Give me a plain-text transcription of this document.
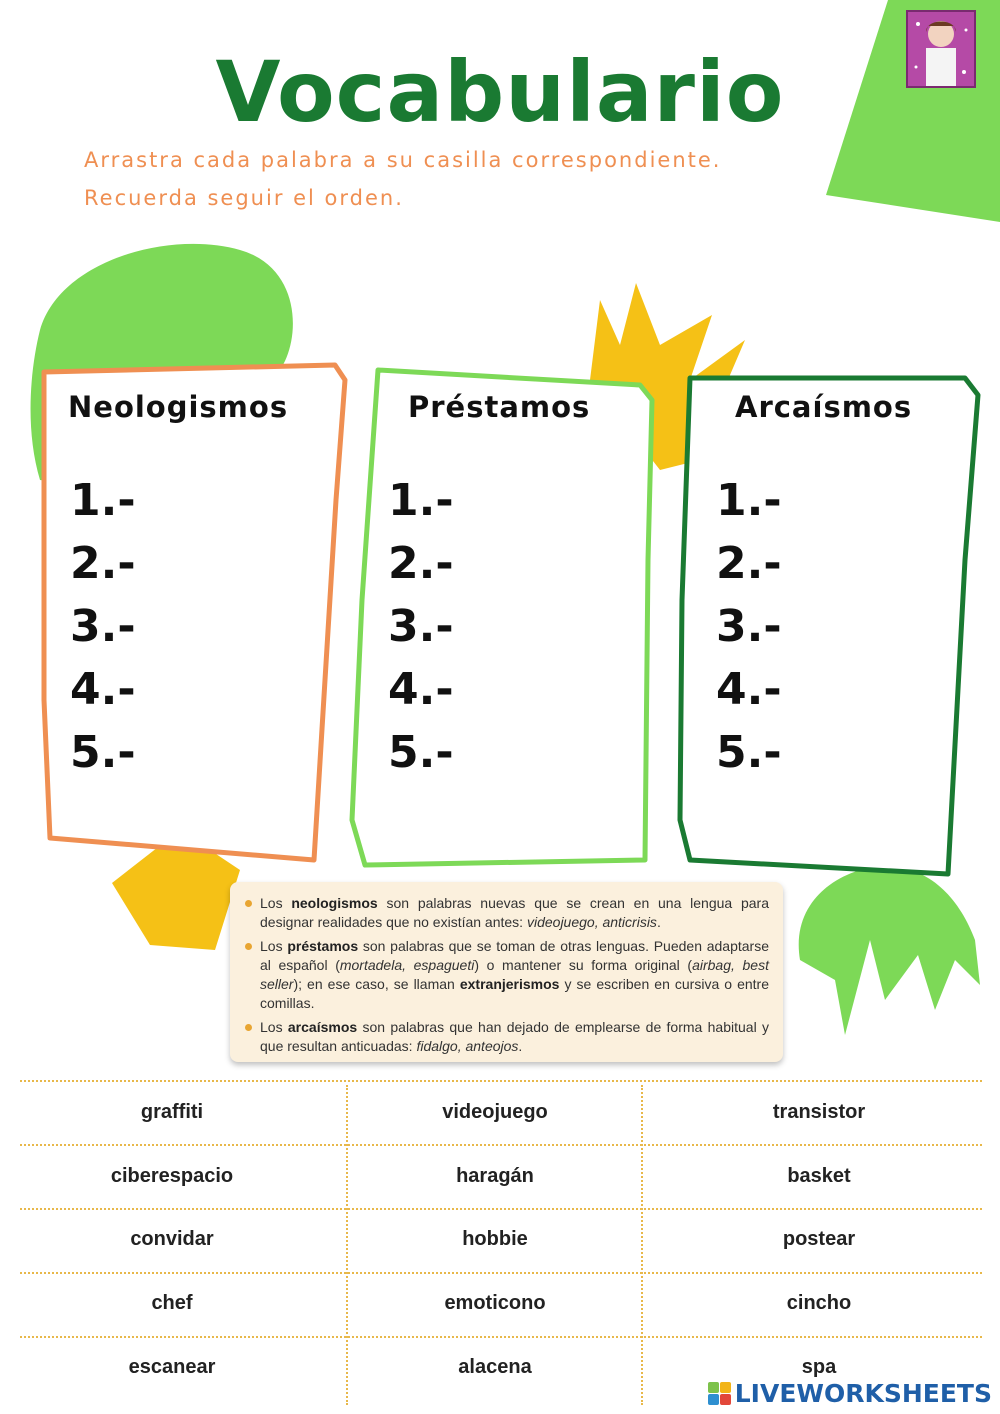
Vocabulario
Arrastra cada palabra a su casilla correspondiente.
Recuerda seguir el orden.
Neologismos
1.-
2.-
3.-
4.-
5.-
Préstamos
1.-
2.-
3.-
4.-
5.-
Arcaísmos
1.-
2.-
3.-
4.-
5.-
Los neologismos son palabras nuevas que se crean en una lengua para designar realidades que no existían antes: videojuego, anticrisis.
Los préstamos son palabras que se toman de otras lenguas. Pueden adaptarse al español (mortadela, espagueti) o mantener su forma original (airbag, best seller); en ese caso, se llaman extranjerismos y se escriben en cursiva o entre comillas.
Los arcaísmos son palabras que han dejado de emplearse de forma habitual y que resultan anticuadas: fidalgo, anteojos.
graffiti	videojuego	transistor
ciberespacio	haragán	basket
convidar	hobbie	postear
chef	emoticono	cincho
escanear	alacena	spa
LIVEWORKSHEETS
